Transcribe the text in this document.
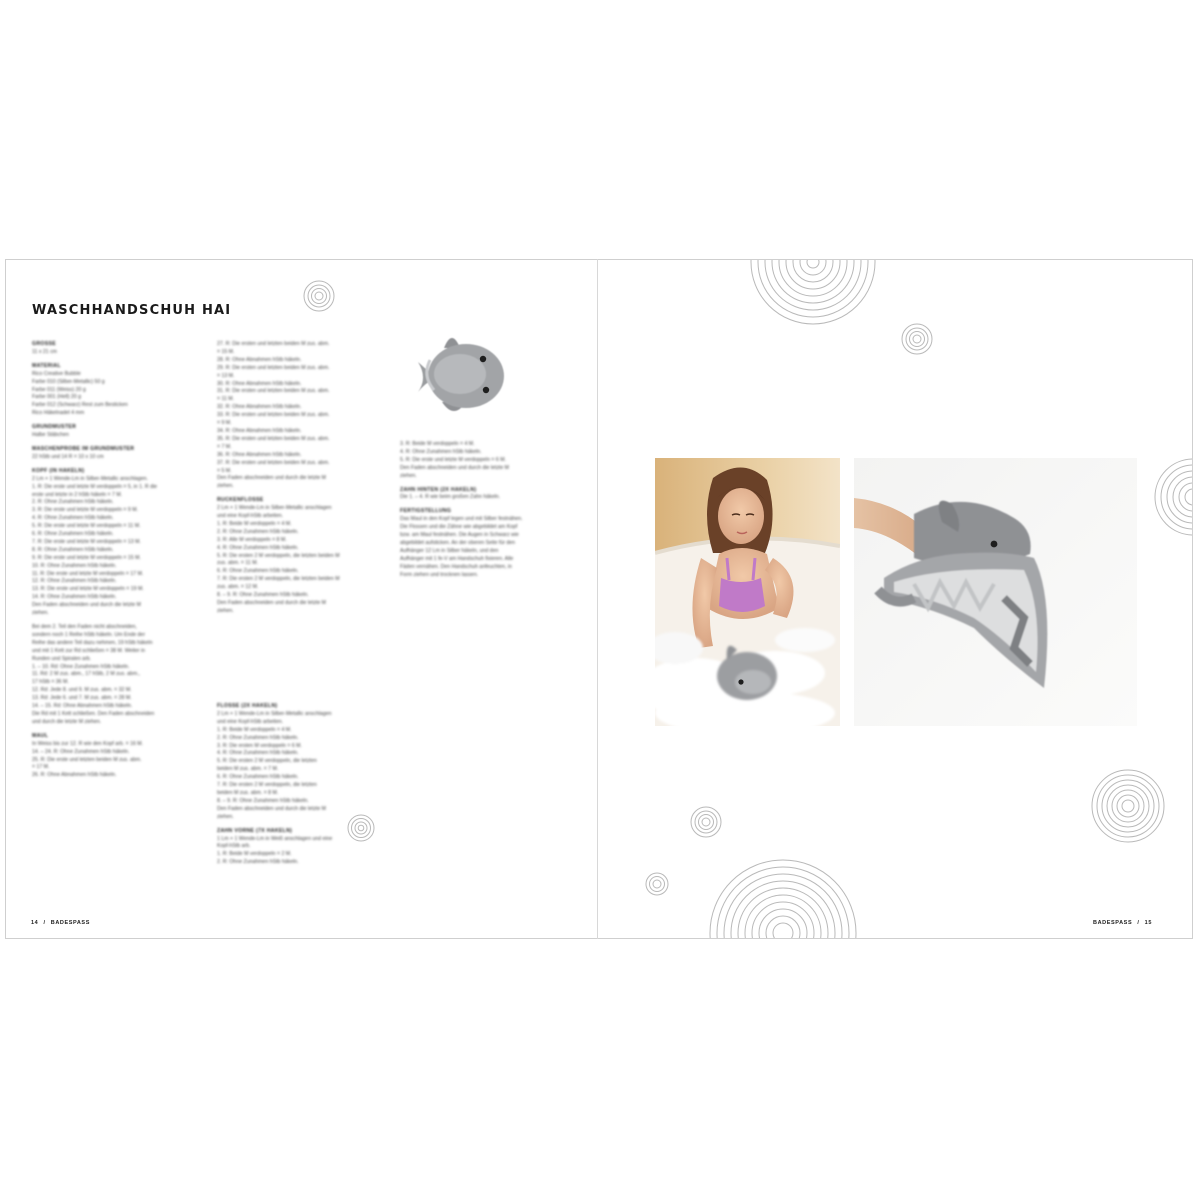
WASCHHANDSCHUH HAI
GRÖSSE
11 x 21 cm
MATERIAL
Rico Creative Bubble
Farbe 010 (Silber-Metallic) 50 g
Farbe 011 (Weiss) 20 g
Farbe 001 (Hell) 20 g
Farbe 012 (Schwarz) Rest zum Besticken
Rico Häkelnadel 4 mm
GRUNDMUSTER
Halbe Stäbchen
MASCHENPROBE IM GRUNDMUSTER
22 hStb und 14 R = 10 x 10 cm
KOPF (IN HÄKELN)
2 Lm + 1 Wende-Lm in Silber-Metallic anschlagen.
1. R: Die erste und letzte M verdoppeln = 5, in 1. R die
erste und letzte in 2 hStb häkeln = 7 M.
2. R: Ohne Zunahmen hStb häkeln.
3. R: Die erste und letzte M verdoppeln = 9 M.
4. R: Ohne Zunahmen hStb häkeln.
5. R: Die erste und letzte M verdoppeln = 11 M.
6. R: Ohne Zunahmen hStb häkeln.
7. R: Die erste und letzte M verdoppeln = 13 M.
8. R: Ohne Zunahmen hStb häkeln.
9. R: Die erste und letzte M verdoppeln = 15 M.
10. R: Ohne Zunahmen hStb häkeln.
11. R: Die erste und letzte M verdoppeln = 17 M.
12. R: Ohne Zunahmen hStb häkeln.
13. R: Die erste und letzte M verdoppeln = 19 M.
14. R: Ohne Zunahmen hStb häkeln.
Den Faden abschneiden und durch die letzte M
ziehen.
Bei dem 2. Teil den Faden nicht abschneiden,
sondern noch 1 Reihe hStb häkeln. Um Ende der
Reihe das andere Teil dazu nehmen, 19 hStb häkeln
und mit 1 Kett zur Rd schließen = 38 M. Weiter in
Runden und Spiralen arb.
1. – 10. Rd: Ohne Zunahmen hStb häkeln.
11. Rd: 2 M zus. abm., 17 hStb, 2 M zus. abm.,
17 hStb = 36 M.
12. Rd: Jede 8. und 9. M zus. abm. = 32 M.
13. Rd: Jede 6. und 7. M zus. abm. = 28 M.
14. – 15. Rd: Ohne Abnahmen hStb häkeln.
Die Rd mit 1 Kett schließen. Den Faden abschneiden
und durch die letzte M ziehen.
MAUL
In Weiss bis zur 12. R wie den Kopf arb. = 16 M.
14. – 24. R: Ohne Zunahmen hStb häkeln.
25. R: Die erste und letzten beiden M zus. abm.
= 17 M.
26. R: Ohne Abnahmen hStb häkeln.
27. R: Die ersten und letzten beiden M zus. abm.
= 15 M.
28. R: Ohne Abnahmen hStb häkeln.
29. R: Die ersten und letzten beiden M zus. abm.
= 13 M.
30. R: Ohne Abnahmen hStb häkeln.
31. R: Die ersten und letzten beiden M zus. abm.
= 11 M.
32. R: Ohne Abnahmen hStb häkeln.
33. R: Die ersten und letzten beiden M zus. abm.
= 9 M.
34. R: Ohne Abnahmen hStb häkeln.
35. R: Die ersten und letzten beiden M zus. abm.
= 7 M.
36. R: Ohne Abnahmen hStb häkeln.
37. R: Die ersten und letzten beiden M zus. abm.
= 5 M.
Den Faden abschneiden und durch die letzte M
ziehen.
RÜCKENFLOSSE
2 Lm + 1 Wende-Lm in Silber-Metallic anschlagen
und eine Kopf-hStb arbeiten.
1. R: Beide M verdoppeln = 4 M.
2. R: Ohne Zunahmen hStb häkeln.
3. R: Alle M verdoppeln = 8 M.
4. R: Ohne Zunahmen hStb häkeln.
5. R: Die ersten 2 M verdoppeln, die letzten beiden M
zus. abm. = 11 M.
6. R: Ohne Zunahmen hStb häkeln.
7. R: Die ersten 2 M verdoppeln, die letzten beiden M
zus. abm. = 12 M.
8. – 9. R: Ohne Zunahmen hStb häkeln.
Den Faden abschneiden und durch die letzte M
ziehen.
FLOSSE (2X HÄKELN)
2 Lm + 1 Wende-Lm in Silber-Metallic anschlagen
und eine Kopf-hStb arbeiten.
1. R: Beide M verdoppeln = 4 M.
2. R: Ohne Zunahmen hStb häkeln.
3. R: Die ersten M verdoppeln = 6 M.
4. R: Ohne Zunahmen hStb häkeln.
5. R: Die ersten 2 M verdoppeln, die letzten
beiden M zus. abm. = 7 M.
6. R: Ohne Zunahmen hStb häkeln.
7. R: Die ersten 2 M verdoppeln, die letzten
beiden M zus. abm. = 8 M.
8. – 9. R: Ohne Zunahmen hStb häkeln.
Den Faden abschneiden und durch die letzte M
ziehen.
ZAHN VORNE (7X HÄKELN)
1 Lm + 1 Wende-Lm in Weiß anschlagen und eine
Kopf-hStb arb.
1. R: Beide M verdoppeln = 2 M.
2. R: Ohne Zunahmen hStb häkeln.
3. R: Beide M verdoppeln = 4 M.
4. R: Ohne Zunahmen hStb häkeln.
5. R: Die erste und letzte M verdoppeln = 6 M.
Den Faden abschneiden und durch die letzte M
ziehen.
ZAHN HINTEN (2X HÄKELN)
Die 1. – 4. R wie beim großen Zahn häkeln.
FERTIGSTELLUNG
Das Maul in den Kopf legen und mit Silber festnähen.
Die Flossen und die Zähne wie abgebildet am Kopf
bzw. am Maul festnähen. Die Augen in Schwarz wie
abgebildet aufsticken. An der oberen Seite für den
Aufhänger 12 Lm in Silber häkeln, und den
Aufhänger mit 1 fe-V am Handschuh fixieren. Alle
Fäden vernähen. Den Handschuh anfeuchten, in
Form ziehen und trocknen lassen.
14 / BADESPASS	BADESPASS / 15
